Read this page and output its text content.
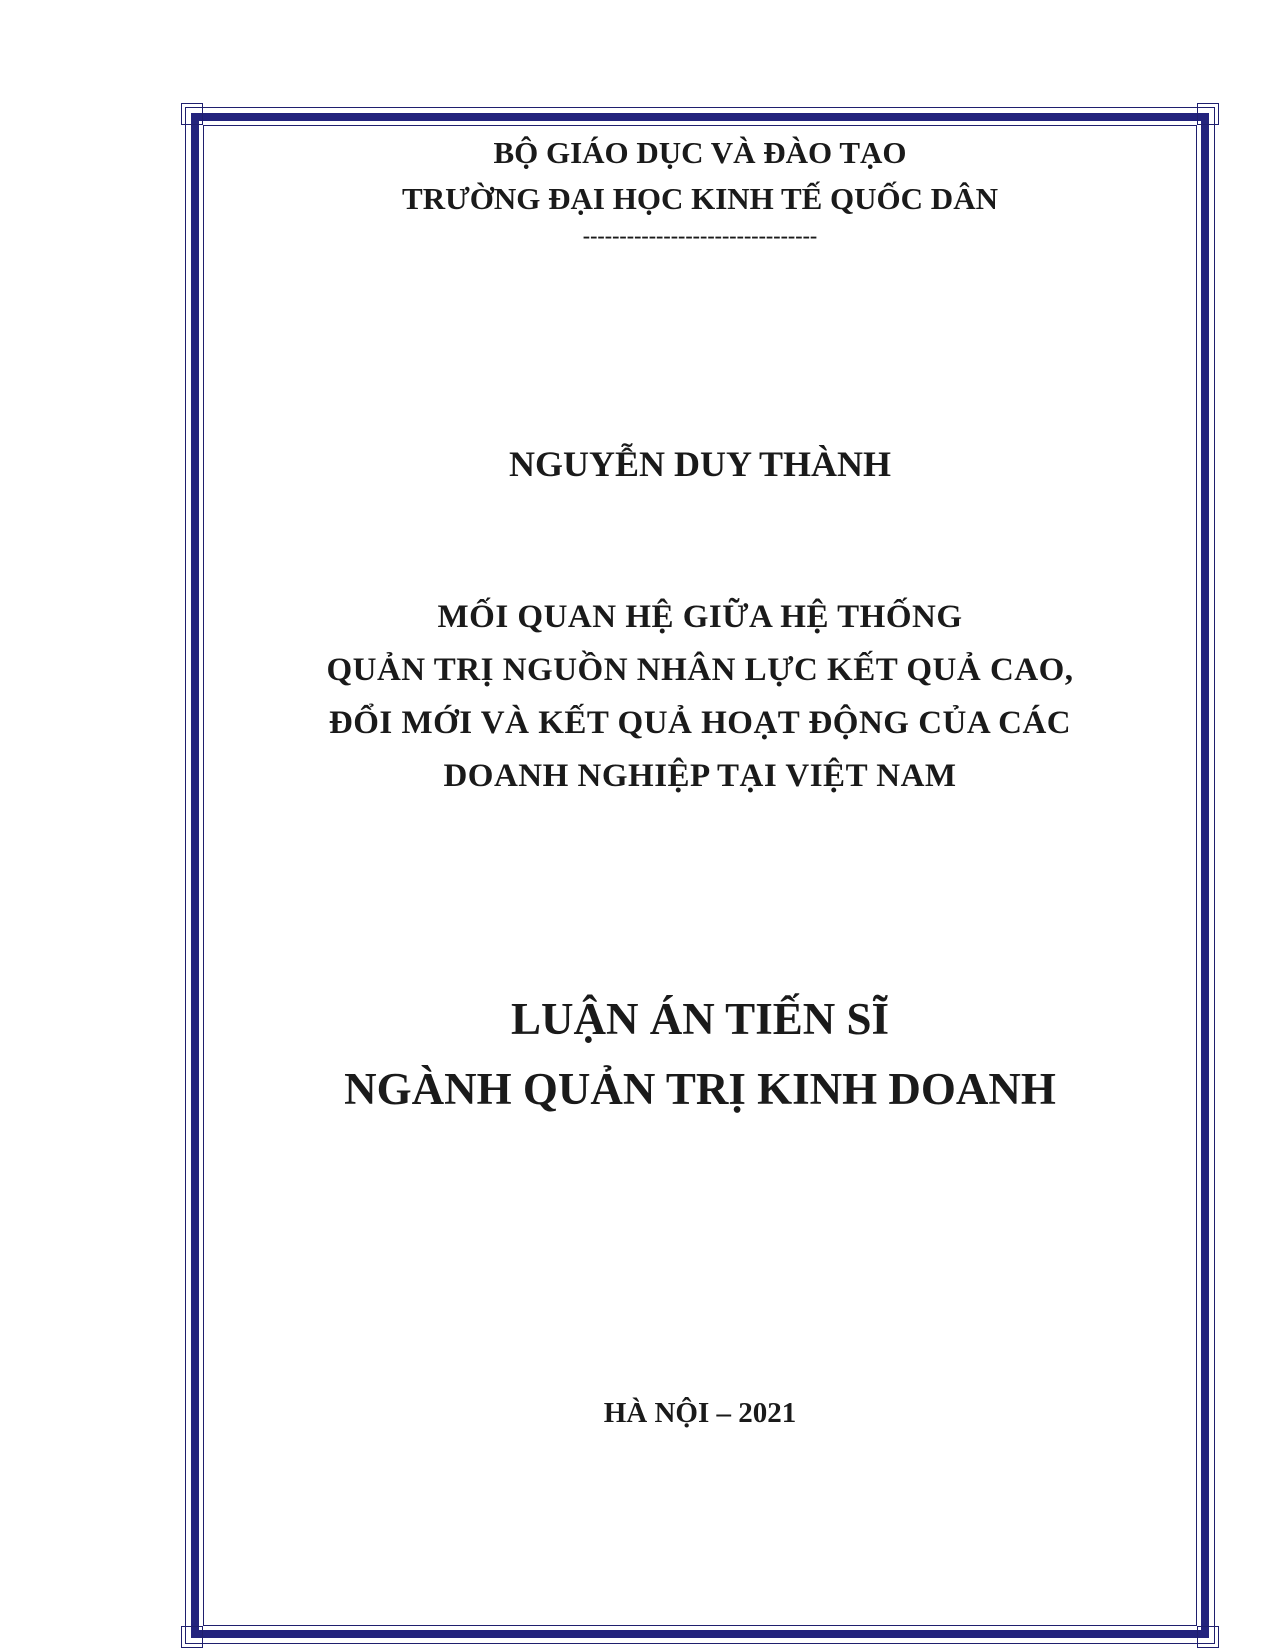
BỘ GIÁO DỤC VÀ ĐÀO TẠO
TRƯỜNG ĐẠI HỌC KINH TẾ QUỐC DÂN
--------------------------------
NGUYỄN DUY THÀNH
MỐI QUAN HỆ GIỮA HỆ THỐNG
QUẢN TRỊ NGUỒN NHÂN LỰC KẾT QUẢ CAO,
ĐỔI MỚI VÀ KẾT QUẢ HOẠT ĐỘNG CỦA CÁC
DOANH NGHIỆP TẠI VIỆT NAM
LUẬN ÁN TIẾN SĨ
NGÀNH QUẢN TRỊ KINH DOANH
HÀ NỘI – 2021
